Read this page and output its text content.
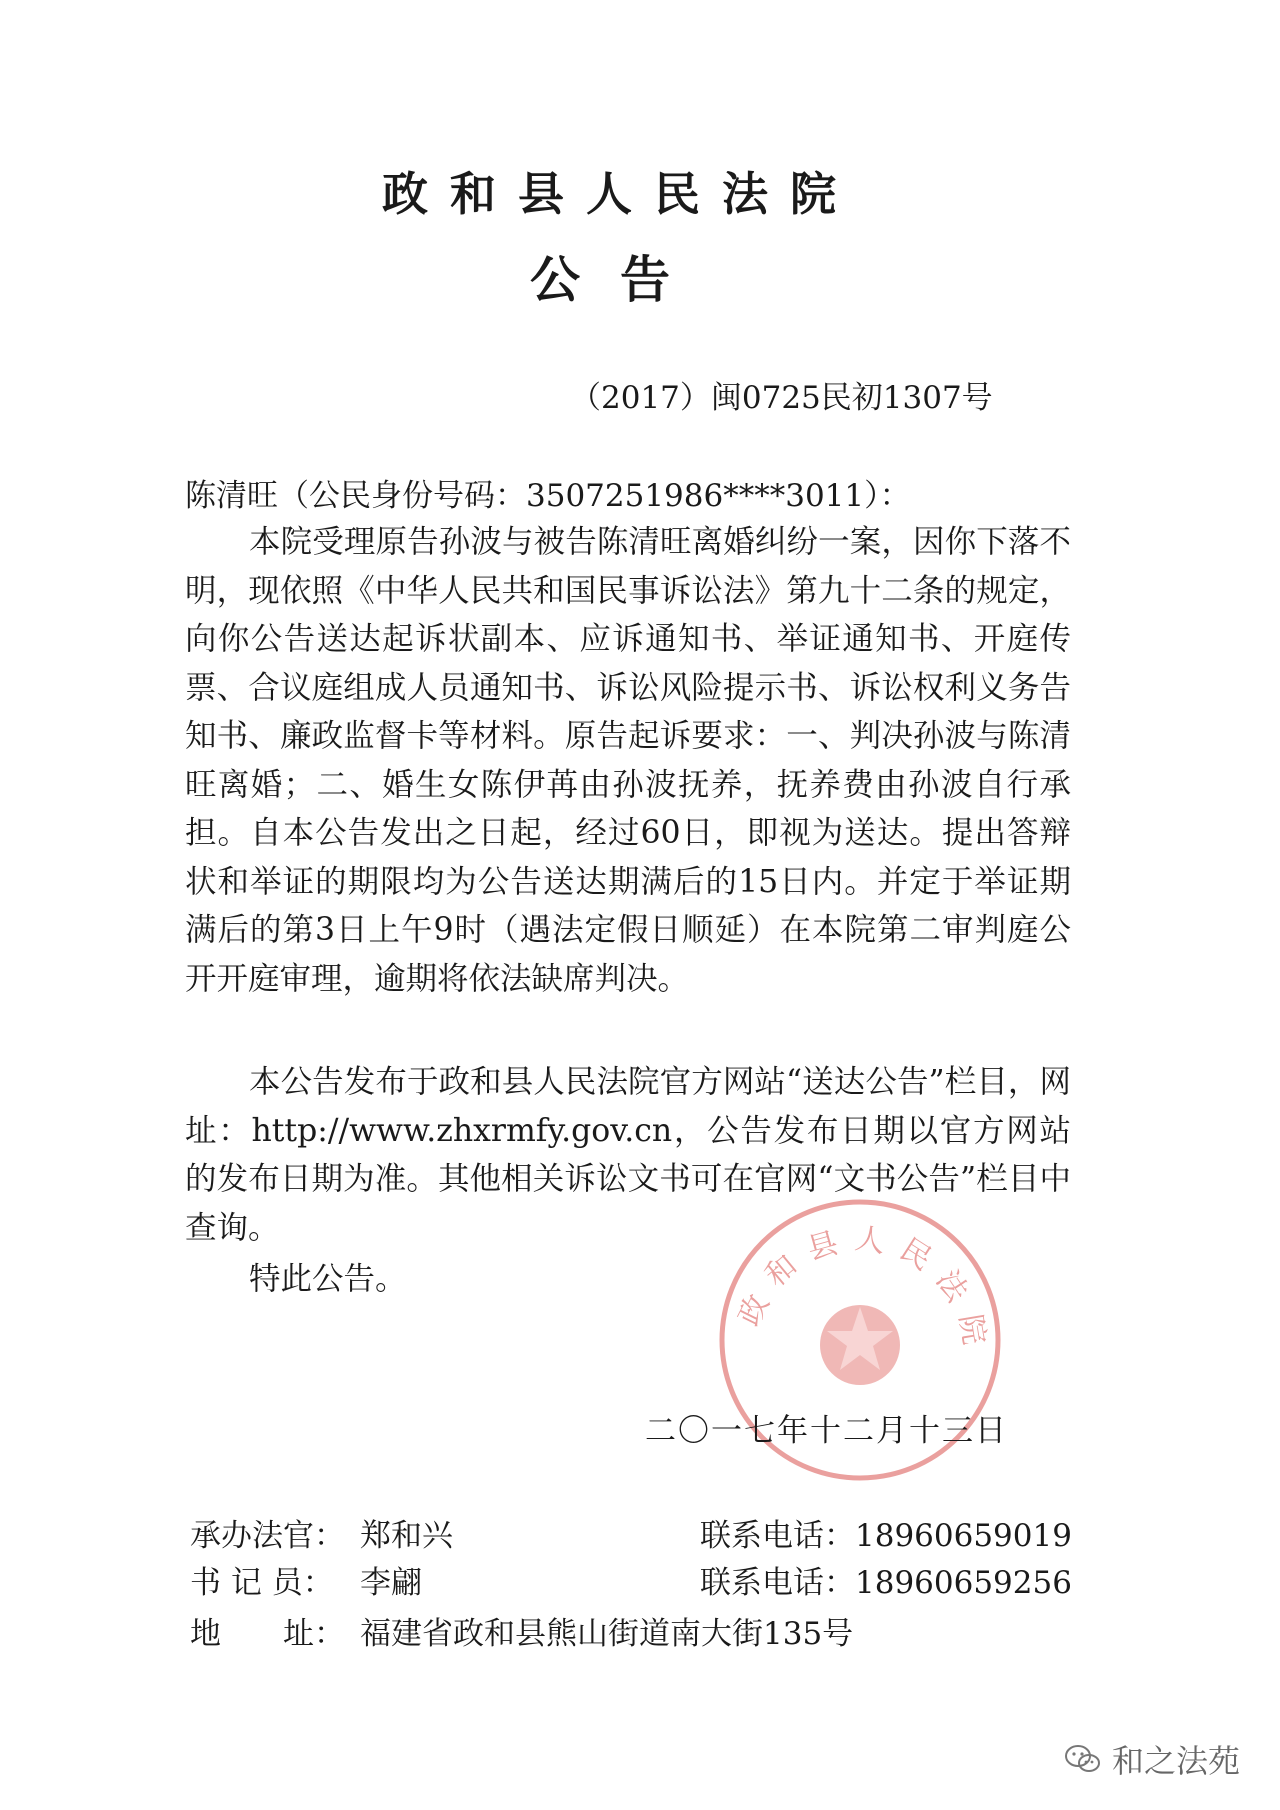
政和县人民法院
公告
（2017）闽0725民初1307号
陈清旺（公民身份号码：3507251986****3011）：

本院受理原告孙波与被告陈清旺离婚纠纷一案，因你下落不明，现依照《中华人民共和国民事诉讼法》第九十二条的规定，向你公告送达起诉状副本、应诉通知书、举证通知书、开庭传票、合议庭组成人员通知书、诉讼风险提示书、诉讼权利义务告知书、廉政监督卡等材料。原告起诉要求：一、判决孙波与陈清旺离婚；二、婚生女陈伊苒由孙波抚养，抚养费由孙波自行承担。自本公告发出之日起，经过60日，即视为送达。提出答辩状和举证的期限均为公告送达期满后的15日内。并定于举证期满后的第3日上午9时（遇法定假日顺延）在本院第二审判庭公开开庭审理，逾期将依法缺席判决。

本公告发布于政和县人民法院官方网站“送达公告”栏目，网址：http://www.zhxrmfy.gov.cn，公告发布日期以官方网站的发布日期为准。其他相关诉讼文书可在官网“文书公告”栏目中查询。

特此公告。	政和县人民法院
二〇一七年十二月十三日
承办法官： 郑和兴	联系电话：18960659019
书 记 员： 李翩	联系电话：18960659256
地　　址： 福建省政和县熊山街道南大街135号
和之法苑
